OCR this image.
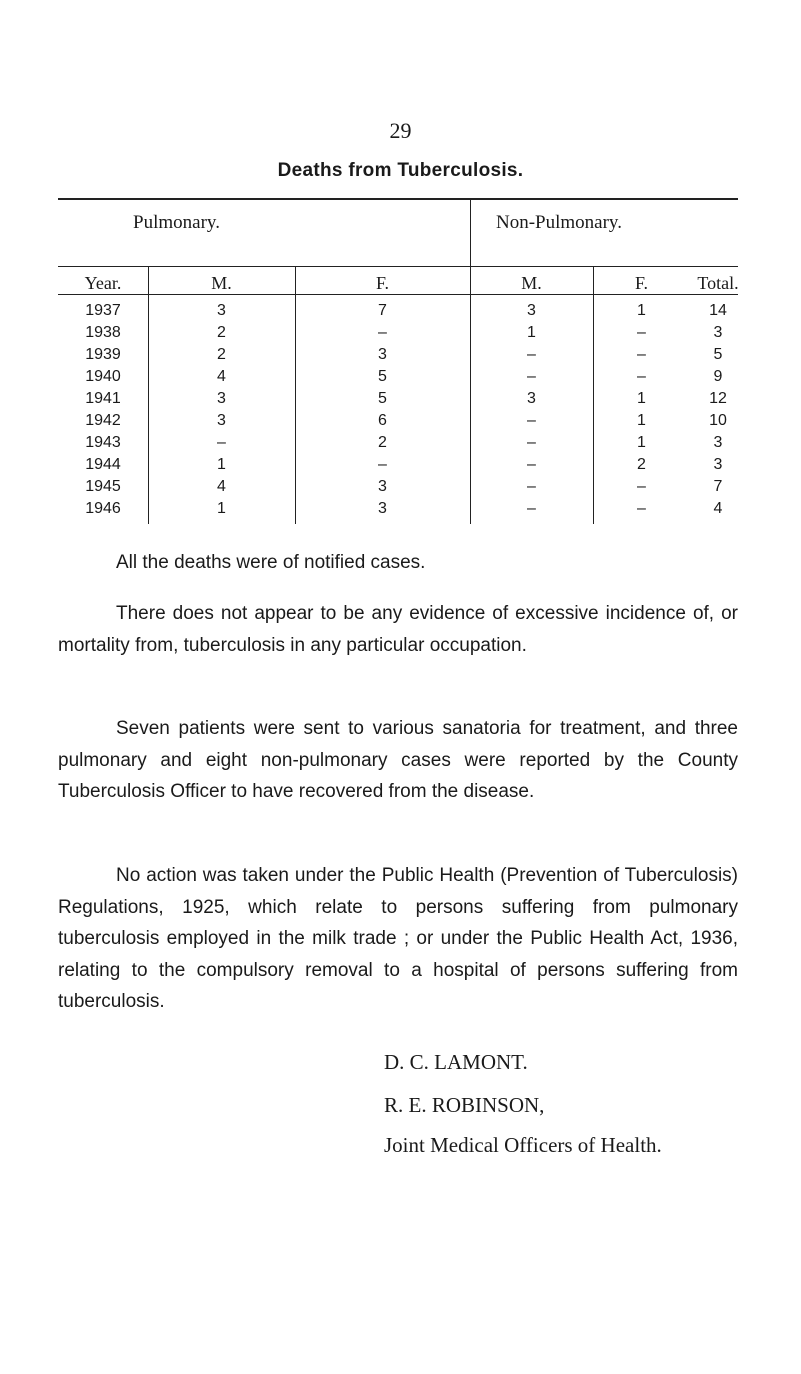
29
Deaths from Tuberculosis.
Pulmonary.	Non-Pulmonary.
Year.	M.	F.	M.	F.	Total.
1937	3	7	3	1	14
1938	2	–	1	–	3
1939	2	3	–	–	5
1940	4	5	–	–	9
1941	3	5	3	1	12
1942	3	6	–	1	10
1943	–	2	–	1	3
1944	1	–	–	2	3
1945	4	3	–	–	7
1946	1	3	–	–	4
All the deaths were of notified cases.
There does not appear to be any evidence of excessive incidence of, or mortality from, tuberculosis in any particular occupation.
Seven patients were sent to various sanatoria for treatment, and three pulmonary and eight non-pulmonary cases were reported by the County Tuberculosis Officer to have recovered from the disease.
No action was taken under the Public Health (Prevention of Tuberculosis) Regulations, 1925, which relate to persons suffering from pulmonary tuberculosis employed in the milk trade ; or under the Public Health Act, 1936, relating to the compulsory removal to a hospital of persons suffering from tuberculosis.
D. C. LAMONT.
R. E. ROBINSON,
Joint Medical Officers of Health.
